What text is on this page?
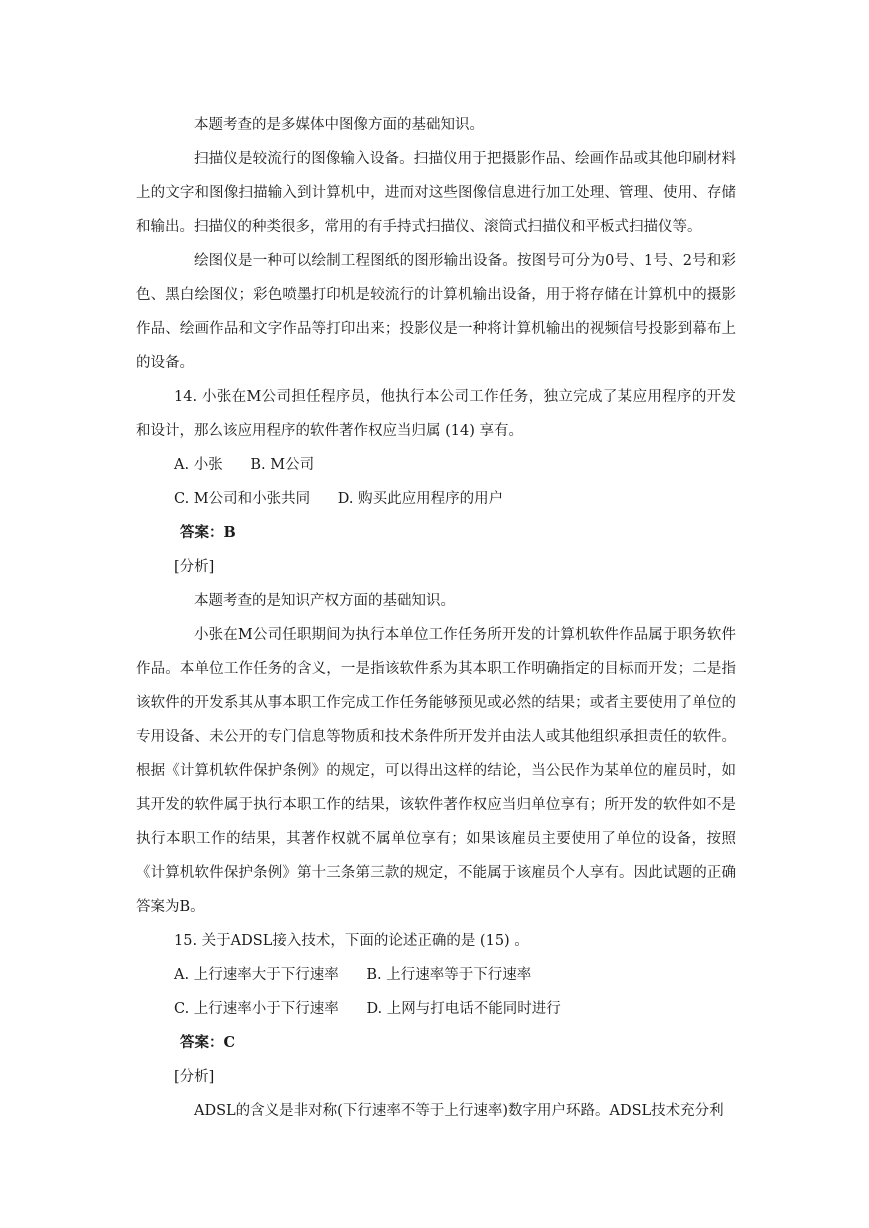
本题考查的是多媒体中图像方面的基础知识。

扫描仪是较流行的图像输入设备。扫描仪用于把摄影作品、绘画作品或其他印刷材料上的文字和图像扫描输入到计算机中，进而对这些图像信息进行加工处理、管理、使用、存储和输出。扫描仪的种类很多，常用的有手持式扫描仪、滚筒式扫描仪和平板式扫描仪等。

绘图仪是一种可以绘制工程图纸的图形输出设备。按图号可分为0号、1号、2号和彩色、黑白绘图仪；彩色喷墨打印机是较流行的计算机输出设备，用于将存储在计算机中的摄影作品、绘画作品和文字作品等打印出来；投影仪是一种将计算机输出的视频信号投影到幕布上的设备。

14. 小张在M公司担任程序员，他执行本公司工作任务，独立完成了某应用程序的开发和设计，那么该应用程序的软件著作权应当归属 (14) 享有。

A. 小张      B. M公司

C. M公司和小张共同      D. 购买此应用程序的用户

答案：B

[分析]

本题考查的是知识产权方面的基础知识。

小张在M公司任职期间为执行本单位工作任务所开发的计算机软件作品属于职务软件作品。本单位工作任务的含义，一是指该软件系为其本职工作明确指定的目标而开发；二是指该软件的开发系其从事本职工作完成工作任务能够预见或必然的结果；或者主要使用了单位的专用设备、未公开的专门信息等物质和技术条件所开发并由法人或其他组织承担责任的软件。根据《计算机软件保护条例》的规定，可以得出这样的结论，当公民作为某单位的雇员时，如其开发的软件属于执行本职工作的结果，该软件著作权应当归单位享有；所开发的软件如不是执行本职工作的结果，其著作权就不属单位享有；如果该雇员主要使用了单位的设备，按照《计算机软件保护条例》第十三条第三款的规定，不能属于该雇员个人享有。因此试题的正确答案为B。

15. 关于ADSL接入技术，下面的论述正确的是 (15) 。

A. 上行速率大于下行速率      B. 上行速率等于下行速率

C. 上行速率小于下行速率      D. 上网与打电话不能同时进行

答案：C

[分析]

ADSL的含义是非对称(下行速率不等于上行速率)数字用户环路。ADSL技术充分利
